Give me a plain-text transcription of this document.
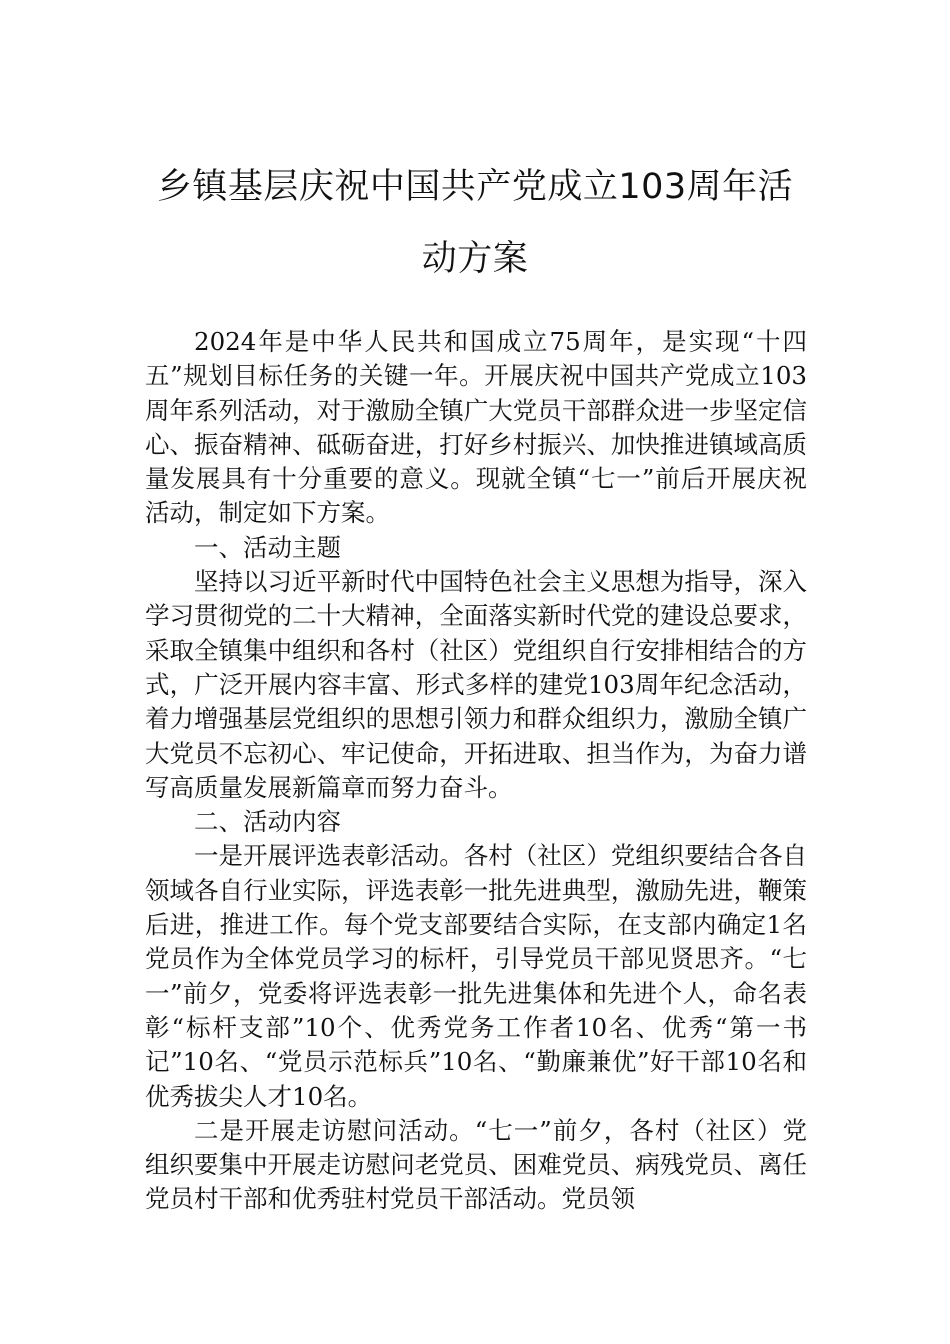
乡镇基层庆祝中国共产党成立103周年活
动方案

2024年是中华人民共和国成立75周年，是实现“十四五”规划目标任务的关键一年。开展庆祝中国共产党成立103周年系列活动，对于激励全镇广大党员干部群众进一步坚定信心、振奋精神、砥砺奋进，打好乡村振兴、加快推进镇域高质量发展具有十分重要的意义。现就全镇“七一”前后开展庆祝活动，制定如下方案。

一、活动主题

坚持以习近平新时代中国特色社会主义思想为指导，深入学习贯彻党的二十大精神，全面落实新时代党的建设总要求，采取全镇集中组织和各村（社区）党组织自行安排相结合的方式，广泛开展内容丰富、形式多样的建党103周年纪念活动，着力增强基层党组织的思想引领力和群众组织力，激励全镇广大党员不忘初心、牢记使命，开拓进取、担当作为，为奋力谱写高质量发展新篇章而努力奋斗。

二、活动内容

一是开展评选表彰活动。各村（社区）党组织要结合各自领域各自行业实际，评选表彰一批先进典型，激励先进，鞭策后进，推进工作。每个党支部要结合实际，在支部内确定1名党员作为全体党员学习的标杆，引导党员干部见贤思齐。“七一”前夕，党委将评选表彰一批先进集体和先进个人，命名表彰“标杆支部”10个、优秀党务工作者10名、优秀“第一书记”10名、“党员示范标兵”10名、“勤廉兼优”好干部10名和优秀拔尖人才10名。

二是开展走访慰问活动。“七一”前夕，各村（社区）党组织要集中开展走访慰问老党员、困难党员、病残党员、离任党员村干部和优秀驻村党员干部活动。党员领
